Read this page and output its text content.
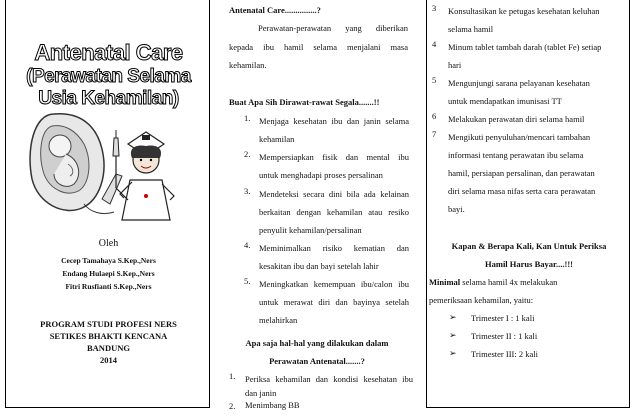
Antenatal Care
(Perawatan Selama Usia Kehamilan)
Oleh
Cecep Tamahaya S.Kep.,Ners
Endang Hulaepi S.Kep.,Ners
Fitri Rusfianti S.Kep.,Ners
PROGRAM STUDI PROFESI NERS
SETIKES BHAKTI KENCANA
BANDUNG
2014
Antenatal Care...............?
Perawatan-perawatan yang diberikan
kepada ibu hamil selama menjalani masa
kehamilan.
Buat Apa Sih Dirawat-rawat Segala.......!!
1. Menjaga kesehatan ibu dan janin selama
kehamilan
2. Mempersiapkan fisik dan mental ibu
untuk menghadapi proses persalinan
3. Mendeteksi secara dini bila ada kelainan
berkaitan dengan kehamilan atau resiko
penyulit kehamilan/persalinan
4. Meminimalkan risiko kematian dan
kesakitan ibu dan bayi setelah lahir
5. Meningkatkan kemempuan ibu/calon ibu
untuk merawat diri dan bayinya setelah
melahirkan
Apa saja hal-hal yang dilakukan dalam
Perawatan Antenatal.......?
1. Periksa kehamilan dan kondisi kesehatan ibu
dan janin
2. Menimbang BB
3 Konsultasikan ke petugas kesehatan keluhan
selama hamil
4 Minum tablet tambah darah (tablet Fe) setiap
hari
5 Mengunjungi sarana pelayanan kesehatan
untuk mendapatkan imunisasi TT
6 Melakukan perawatan diri selama hamil
7 Mengikuti penyuluhan/mencari tambahan
informasi tentang perawatan ibu selama
hamil, persiapan persalinan, dan perawatan
diri selama masa nifas serta cara perawatan
bayi.
Kapan & Berapa Kali, Kan Untuk Periksa
Hamil Harus Bayar....!!!
Minimal selama hamil 4x melakukan
pemeriksaan kehamilan, yaitu:
➢ Trimester I : 1 kali
➢ Trimester II : 1 kali
➢ Trimester III: 2 kali
